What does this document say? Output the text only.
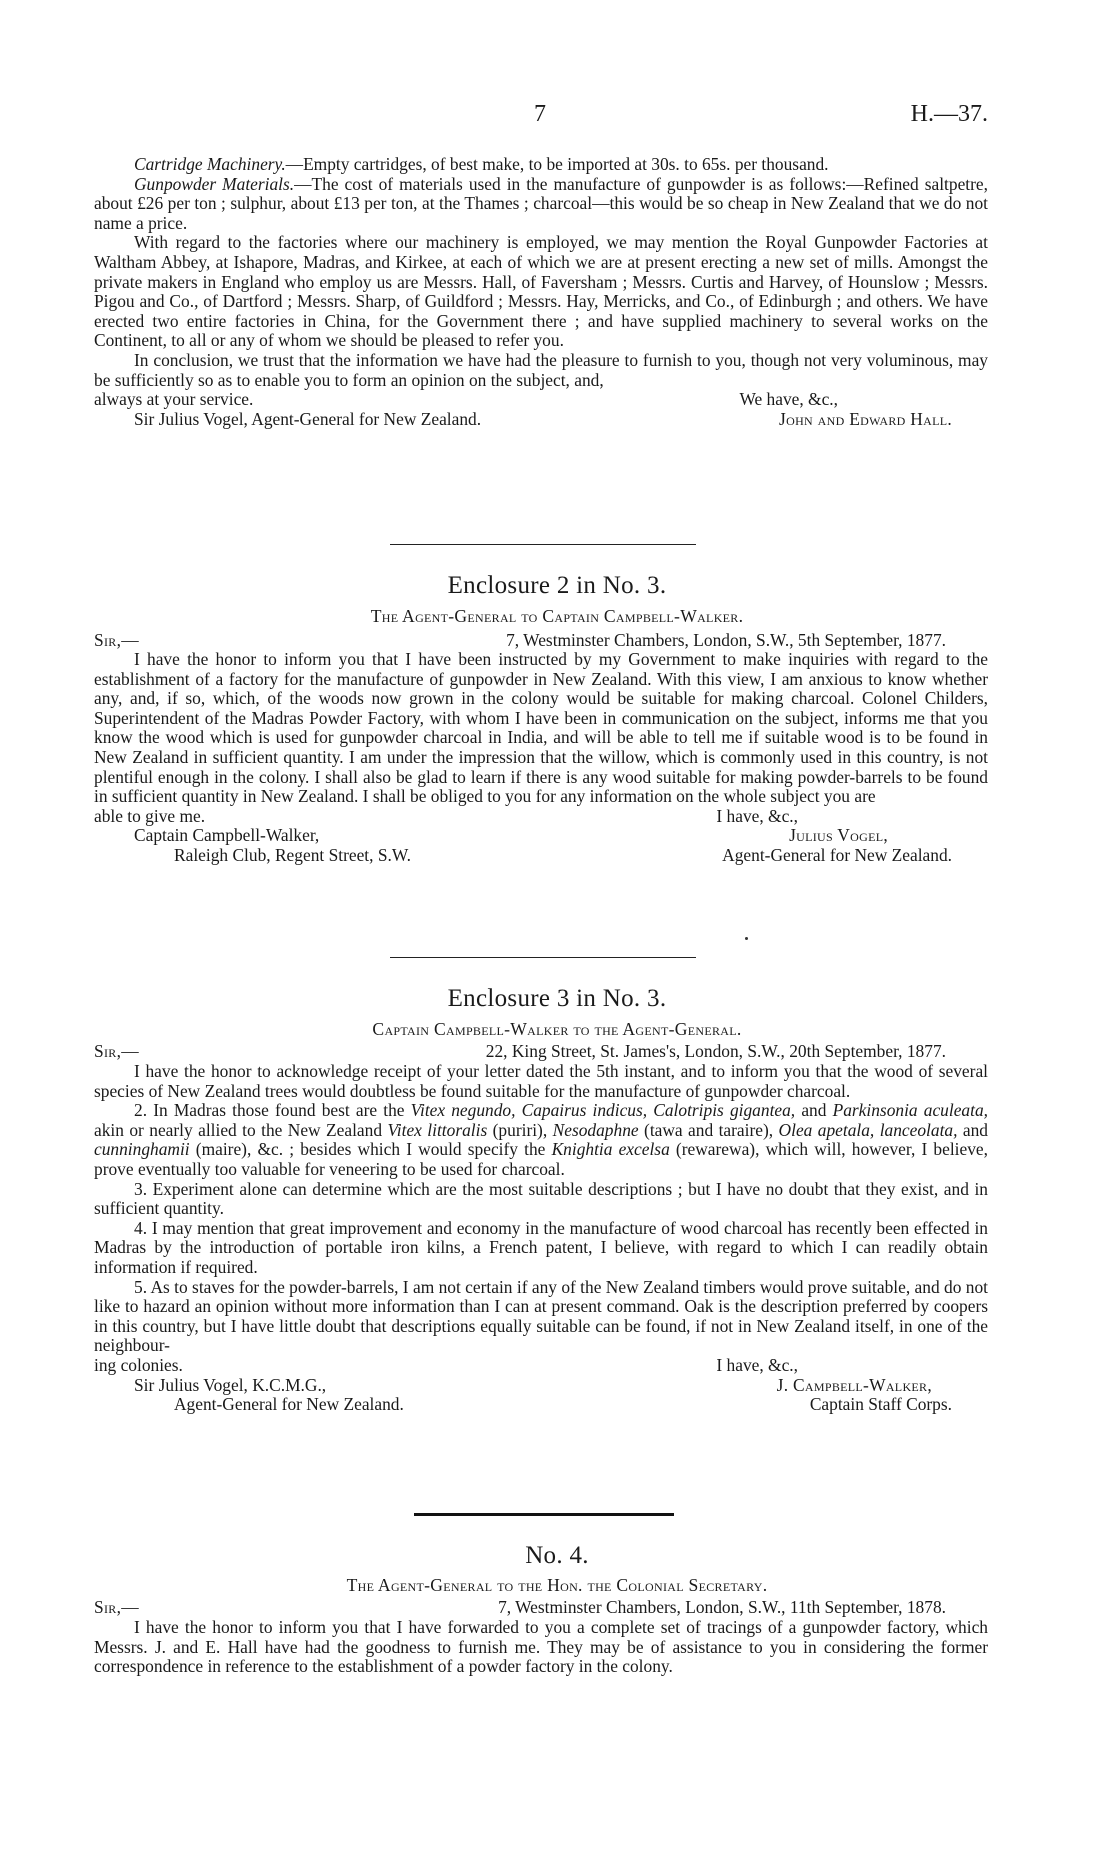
7	H.—37.

Cartridge Machinery.—Empty cartridges, of best make, to be imported at 30s. to 65s. per thousand.

Gunpowder Materials.—The cost of materials used in the manufacture of gunpowder is as follows:—Refined saltpetre, about £26 per ton ; sulphur, about £13 per ton, at the Thames ; charcoal—this would be so cheap in New Zealand that we do not name a price.

With regard to the factories where our machinery is employed, we may mention the Royal Gunpowder Factories at Waltham Abbey, at Ishapore, Madras, and Kirkee, at each of which we are at present erecting a new set of mills. Amongst the private makers in England who employ us are Messrs. Hall, of Faversham ; Messrs. Curtis and Harvey, of Hounslow ; Messrs. Pigou and Co., of Dartford ; Messrs. Sharp, of Guildford ; Messrs. Hay, Merricks, and Co., of Edinburgh ; and others. We have erected two entire factories in China, for the Government there ; and have supplied machinery to several works on the Continent, to all or any of whom we should be pleased to refer you.

In conclusion, we trust that the information we have had the pleasure to furnish to you, though not very voluminous, may be sufficiently so as to enable you to form an opinion on the subject, and,

always at your service.	We have, &c.,
Sir Julius Vogel, Agent-General for New Zealand.	John and Edward Hall.
Enclosure 2 in No. 3.
The Agent-General to Captain Campbell-Walker.
Sir,—	7, Westminster Chambers, London, S.W., 5th September, 1877.

I have the honor to inform you that I have been instructed by my Government to make inquiries with regard to the establishment of a factory for the manufacture of gunpowder in New Zealand. With this view, I am anxious to know whether any, and, if so, which, of the woods now grown in the colony would be suitable for making charcoal. Colonel Childers, Superintendent of the Madras Powder Factory, with whom I have been in communication on the subject, informs me that you know the wood which is used for gunpowder charcoal in India, and will be able to tell me if suitable wood is to be found in New Zealand in sufficient quantity. I am under the impression that the willow, which is commonly used in this country, is not plentiful enough in the colony. I shall also be glad to learn if there is any wood suitable for making powder-barrels to be found in sufficient quantity in New Zealand. I shall be obliged to you for any information on the whole subject you are

able to give me.	I have, &c.,
Captain Campbell-Walker,	Julius Vogel,
Raleigh Club, Regent Street, S.W.	Agent-General for New Zealand.
Enclosure 3 in No. 3.
Captain Campbell-Walker to the Agent-General.
Sir,—	22, King Street, St. James's, London, S.W., 20th September, 1877.

I have the honor to acknowledge receipt of your letter dated the 5th instant, and to inform you that the wood of several species of New Zealand trees would doubtless be found suitable for the manufacture of gunpowder charcoal.

2. In Madras those found best are the Vitex negundo, Capairus indicus, Calotripis gigantea, and Parkinsonia aculeata, akin or nearly allied to the New Zealand Vitex littoralis (puriri), Nesodaphne (tawa and taraire), Olea apetala, lanceolata, and cunninghamii (maire), &c. ; besides which I would specify the Knightia excelsa (rewarewa), which will, however, I believe, prove eventually too valuable for veneering to be used for charcoal.

3. Experiment alone can determine which are the most suitable descriptions ; but I have no doubt that they exist, and in sufficient quantity.

4. I may mention that great improvement and economy in the manufacture of wood charcoal has recently been effected in Madras by the introduction of portable iron kilns, a French patent, I believe, with regard to which I can readily obtain information if required.

5. As to staves for the powder-barrels, I am not certain if any of the New Zealand timbers would prove suitable, and do not like to hazard an opinion without more information than I can at present command. Oak is the description preferred by coopers in this country, but I have little doubt that descriptions equally suitable can be found, if not in New Zealand itself, in one of the neighbour-

ing colonies.	I have, &c.,
Sir Julius Vogel, K.C.M.G.,	J. Campbell-Walker,
Agent-General for New Zealand.	Captain Staff Corps.
No. 4.
The Agent-General to the Hon. the Colonial Secretary.
Sir,—	7, Westminster Chambers, London, S.W., 11th September, 1878.

I have the honor to inform you that I have forwarded to you a complete set of tracings of a gunpowder factory, which Messrs. J. and E. Hall have had the goodness to furnish me. They may be of assistance to you in considering the former correspondence in reference to the establishment of a powder factory in the colony.
